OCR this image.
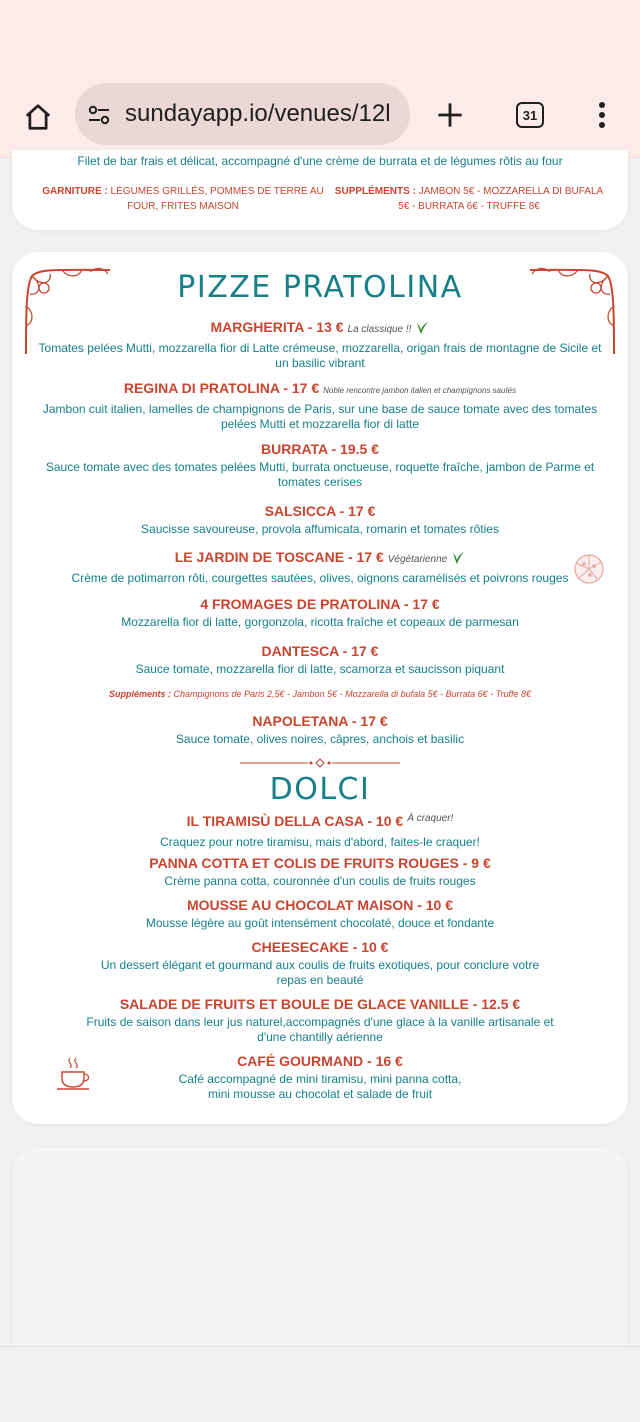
sundayapp.io/venues/12l	31
Filet de bar frais et délicat, accompagné d'une crème de burrata et de légumes rôtis au four
GARNITURE : LÉGUMES GRILLÉS, POMMES DE TERRE AU FOUR, FRITES MAISON
SUPPLÉMENTS : JAMBON 5€ - MOZZARELLA DI BUFALA 5€ - BURRATA 6€ - TRUFFE 8€
PIZZE PRATOLINA
MARGHERITA - 13 € La classique !!
Tomates pelées Mutti, mozzarella fior di Latte crémeuse, mozzarella, origan frais de montagne de Sicile et un basilic vibrant
REGINA DI PRATOLINA - 17 € Noble rencontre jambon italien et champignons sautés
Jambon cuit italien, lamelles de champignons de Paris, sur une base de sauce tomate avec des tomates pelées Mutti et mozzarella fior di latte
BURRATA - 19.5 €
Sauce tomate avec des tomates pelées Mutti, burrata onctueuse, roquette fraîche, jambon de Parme et tomates cerises
SALSICCA - 17 €
Saucisse savoureuse, provola affumicata, romarin et tomates rôties
LE JARDIN DE TOSCANE - 17 € Végétarienne
Crème de potimarron rôti, courgettes sautées, olives, oignons caramélisés et poivrons rouges
4 FROMAGES DE PRATOLINA - 17 €
Mozzarella fior di latte, gorgonzola, ricotta fraîche et copeaux de parmesan
DANTESCA - 17 €
Sauce tomate, mozzarella fior di latte, scamorza et saucisson piquant
Suppléments : Champignons de Paris 2,5€ - Jambon 5€ - Mozzarella di bufala 5€ - Burrata 6€ - Truffe 8€
NAPOLETANA - 17 €
Sauce tomate, olives noires, câpres, anchois et basilic
DOLCI
IL TIRAMISÙ DELLA CASA - 10 € $^{À craquer!}$
Craquez pour notre tiramisu, mais d'abord, faites-le craquer!
PANNA COTTA ET COLIS DE FRUITS ROUGES - 9 €
Crème panna cotta, couronnée d'un coulis de fruits rouges
MOUSSE AU CHOCOLAT MAISON - 10 €
Mousse légère au goût intensément chocolaté, douce et fondante
CHEESECAKE - 10 €
Un dessert élégant et gourmand aux coulis de fruits exotiques, pour conclure votre repas en beauté
SALADE DE FRUITS ET BOULE DE GLACE VANILLE - 12.5 €
Fruits de saison dans leur jus naturel,accompagnés d'une glace à la vanille artisanale et d'une chantilly aérienne
CAFÉ GOURMAND - 16 €
Café accompagné de mini tiramisu, mini panna cotta, mini mousse au chocolat et salade de fruit
